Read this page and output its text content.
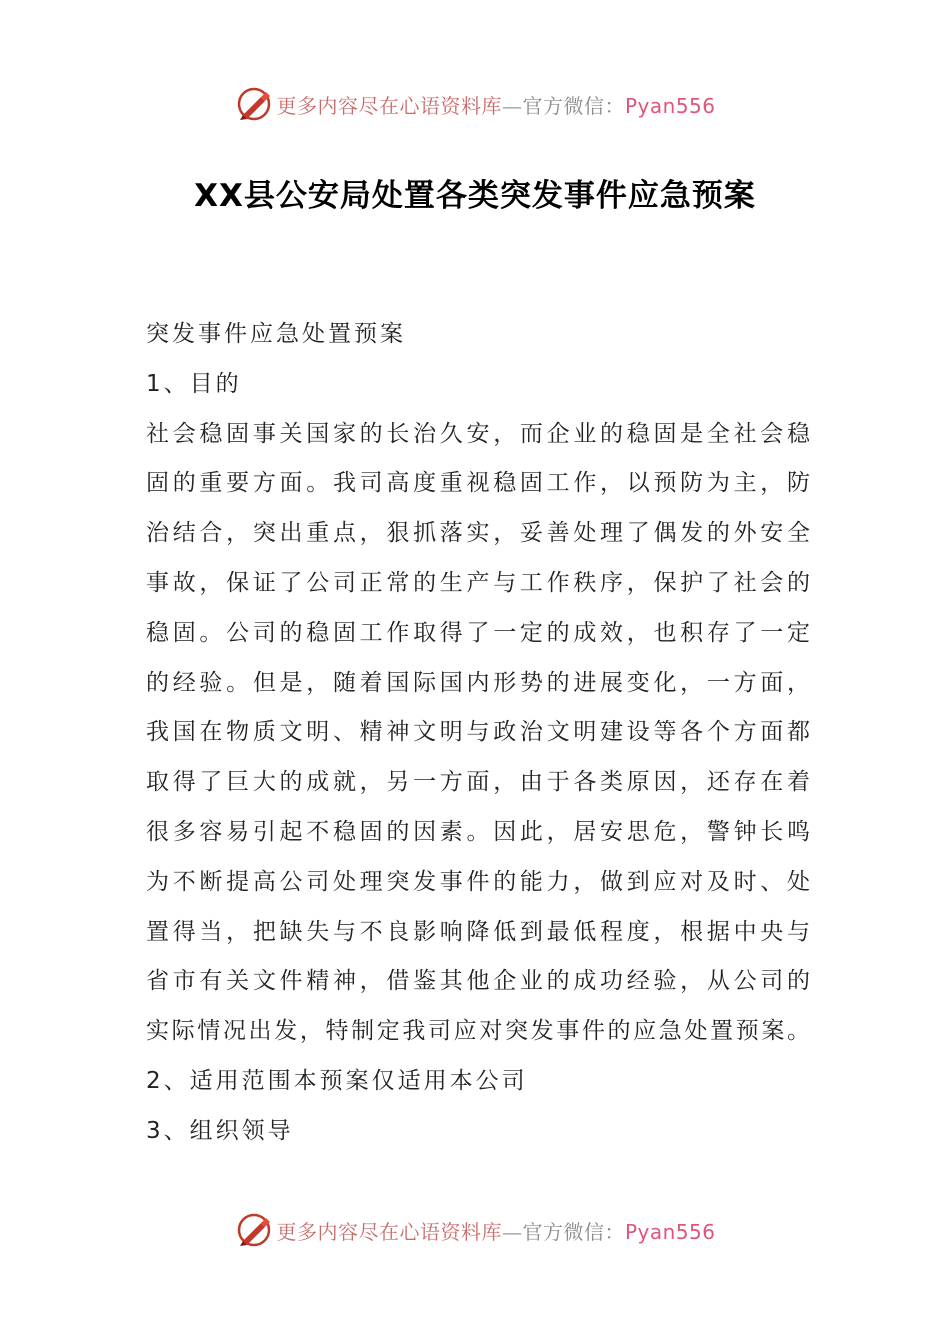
更多内容尽在心语资料库—官方微信：Pyan556
XX县公安局处置各类突发事件应急预案
突发事件应急处置预案
1、目的
社会稳固事关国家的长治久安，而企业的稳固是全社会稳
固的重要方面。我司高度重视稳固工作，以预防为主，防
治结合，突出重点，狠抓落实，妥善处理了偶发的外安全
事故，保证了公司正常的生产与工作秩序，保护了社会的
稳固。公司的稳固工作取得了一定的成效，也积存了一定
的经验。但是，随着国际国内形势的进展变化，一方面，
我国在物质文明、精神文明与政治文明建设等各个方面都
取得了巨大的成就，另一方面，由于各类原因，还存在着
很多容易引起不稳固的因素。因此，居安思危，警钟长鸣
为不断提高公司处理突发事件的能力，做到应对及时、处
置得当，把缺失与不良影响降低到最低程度，根据中央与
省市有关文件精神，借鉴其他企业的成功经验，从公司的
实际情况出发，特制定我司应对突发事件的应急处置预案。
2、适用范围本预案仅适用本公司
3、组织领导
更多内容尽在心语资料库—官方微信：Pyan556
